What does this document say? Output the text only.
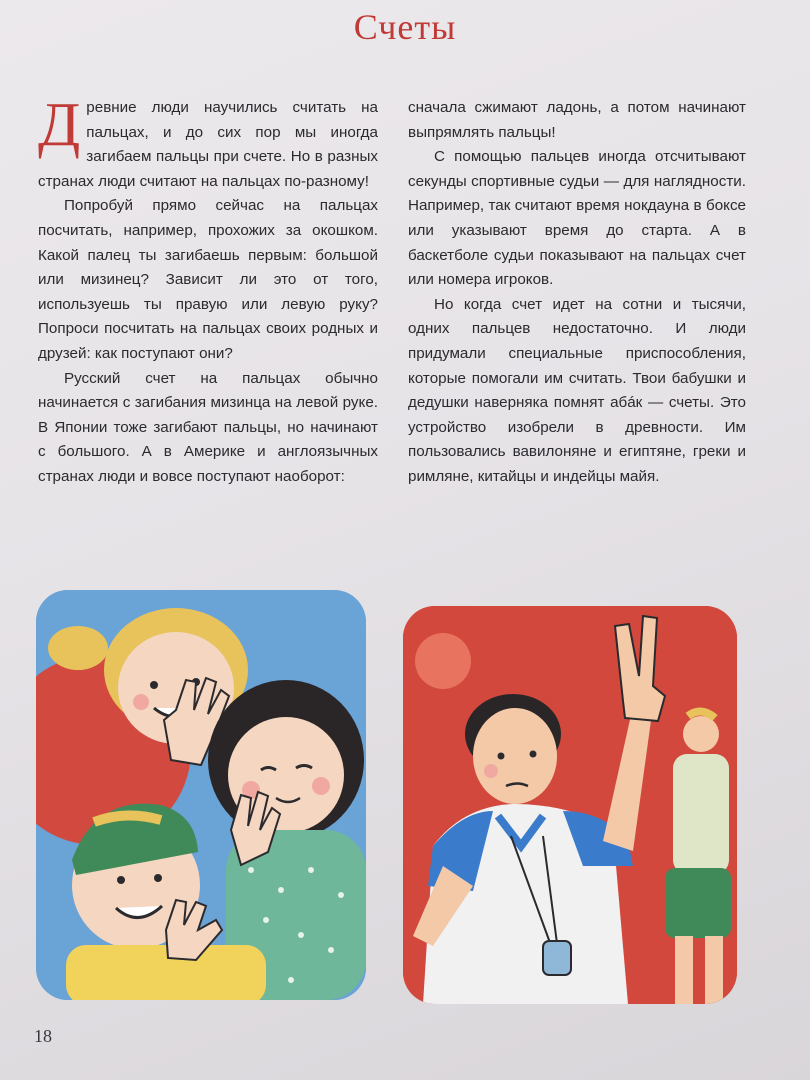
Счеты

Древние люди научились считать на пальцах, и до сих пор мы иногда загибаем пальцы при счете. Но в разных странах люди считают на пальцах по-разному!

Попробуй прямо сейчас на пальцах посчитать, например, прохожих за окошком. Какой палец ты загибаешь первым: большой или мизинец? Зависит ли это от того, используешь ты правую или левую руку? Попроси посчитать на пальцах своих родных и друзей: как поступают они?

Русский счет на пальцах обычно начинается с загибания мизинца на левой руке. В Японии тоже загибают пальцы, но начинают с большого. А в Америке и англоязычных странах люди и вовсе поступают наоборот:

сначала сжимают ладонь, а потом начинают выпрямлять пальцы!

С помощью пальцев иногда отсчитывают секунды спортивные судьи — для наглядности. Например, так считают время нокдауна в боксе или указывают время до старта. А в баскетболе судьи показывают на пальцах счет или номера игроков.

Но когда счет идет на сотни и тысячи, одних пальцев недостаточно. И люди придумали специальные приспособления, которые помогали им считать. Твои бабушки и дедушки наверняка помнят абáк — счеты. Это устройство изобрели в древности. Им пользовались вавилоняне и египтяне, греки и римляне, китайцы и индейцы майя.

18
